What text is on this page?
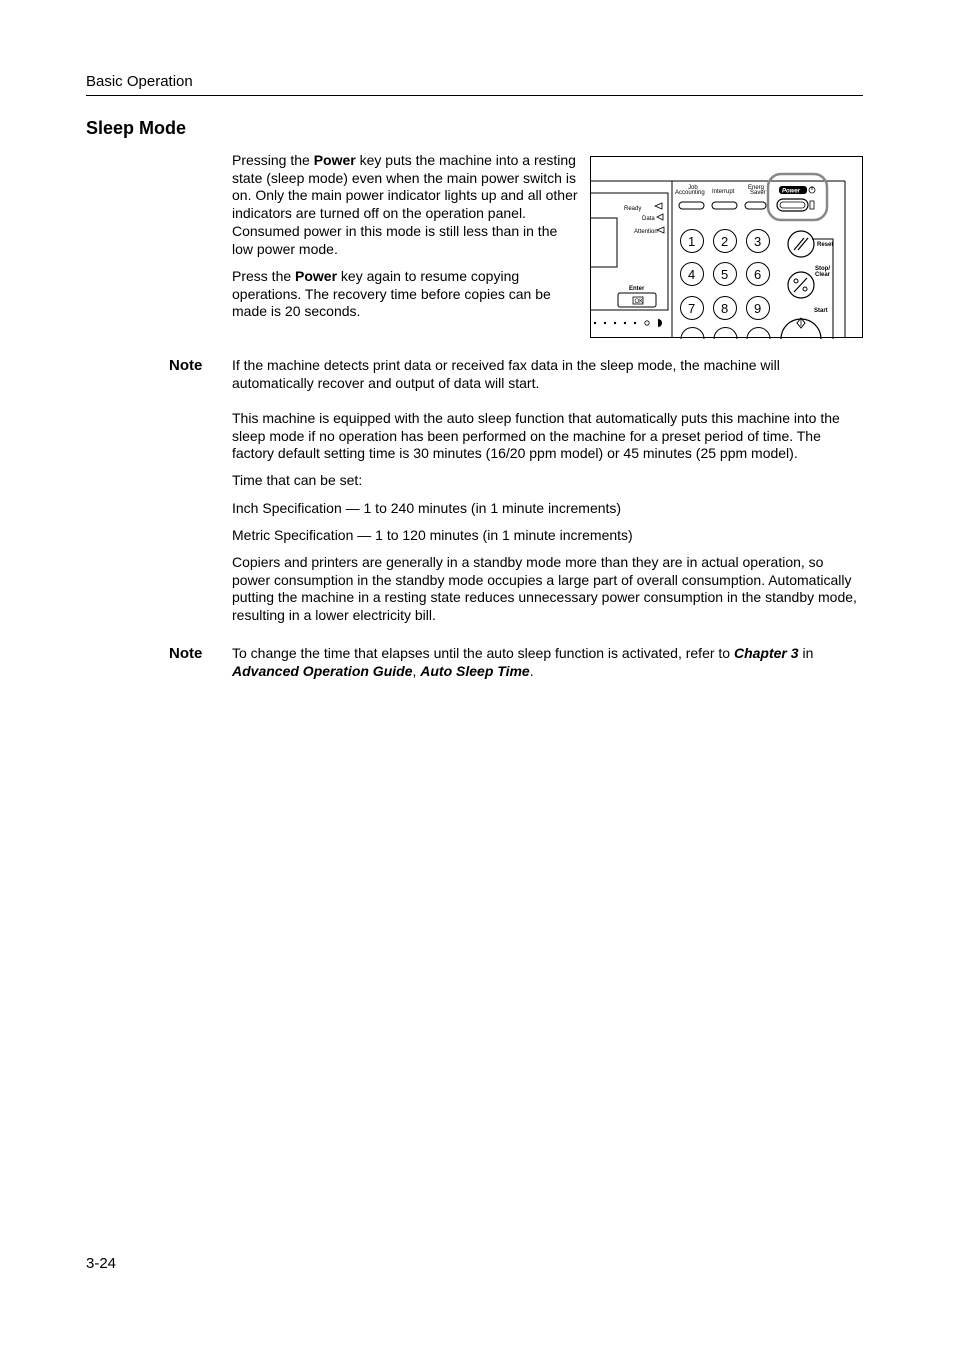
Basic Operation
Sleep Mode

Pressing the Power key puts the machine into a resting state (sleep mode) even when the main power switch is on. Only the main power indicator lights up and all other indicators are turned off on the operation panel. Consumed power in this mode is still less than in the low power mode.

Press the Power key again to resume copying operations. The recovery time before copies can be made is 20 seconds.

Ready
Data
Attention
Enter
OK
Job
Accounting Interrupt
Energ
Saver	Power
1 2 3
4 5 6
7 8 9
Reset
Stop/
Clear
Start
Note If the machine detects print data or received fax data in the sleep mode, the machine will automatically recover and output of data will start.

This machine is equipped with the auto sleep function that automatically puts this machine into the sleep mode if no operation has been performed on the machine for a preset period of time. The factory default setting time is 30 minutes (16/20 ppm model) or 45 minutes (25 ppm model).

Time that can be set:

Inch Specification — 1 to 240 minutes (in 1 minute increments)

Metric Specification — 1 to 120 minutes (in 1 minute increments)

Copiers and printers are generally in a standby mode more than they are in actual operation, so power consumption in the standby mode occupies a large part of overall consumption. Automatically putting the machine in a resting state reduces unnecessary power consumption in the standby mode, resulting in a lower electricity bill.

Note To change the time that elapses until the auto sleep function is activated, refer to Chapter 3 in Advanced Operation Guide, Auto Sleep Time.

3-24
